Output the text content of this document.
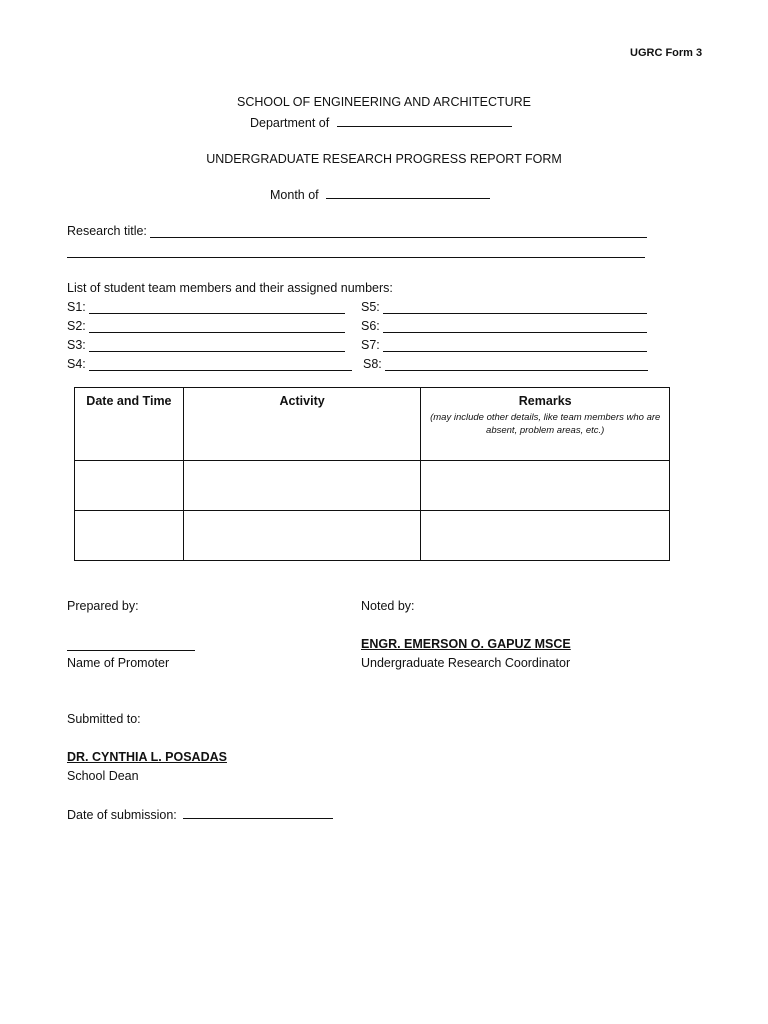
UGRC Form 3
SCHOOL OF ENGINEERING AND ARCHITECTURE
Department of
UNDERGRADUATE RESEARCH PROGRESS REPORT FORM
Month of
Research title:
List of student team members and their assigned numbers:
S1:
S2:
S3:
S4:
S5:
S6:
S7:
S8:
Date and Time	Activity	Remarks
(may include other details, like team members who are absent, problem areas, etc.)

Prepared by:
Name of Promoter
Noted by:
ENGR. EMERSON O. GAPUZ MSCE
Undergraduate Research Coordinator
Submitted to:
DR. CYNTHIA L. POSADAS
School Dean
Date of submission:
